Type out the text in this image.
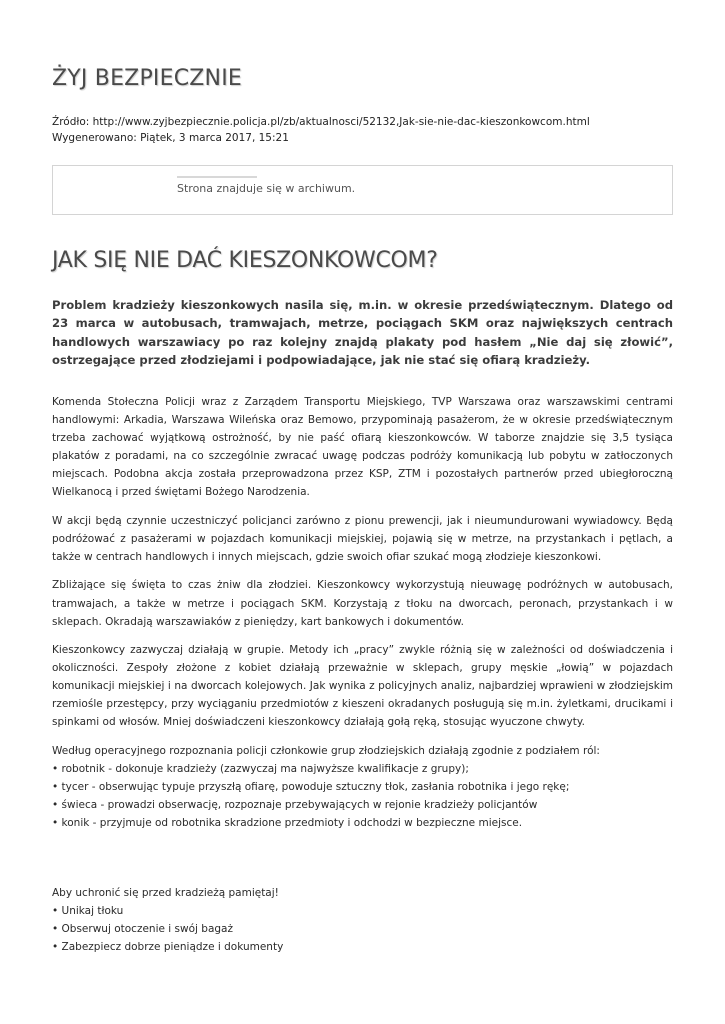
ŻYJ BEZPIECZNIE
Źródło: http://www.zyjbezpiecznie.policja.pl/zb/aktualnosci/52132,Jak-sie-nie-dac-kieszonkowcom.html
Wygenerowano: Piątek, 3 marca 2017, 15:21
Strona znajduje się w archiwum.
JAK SIĘ NIE DAĆ KIESZONKOWCOM?

Problem kradzieży kieszonkowych nasila się, m.in. w okresie przedświątecznym. Dlatego od 23 marca w autobusach, tramwajach, metrze, pociągach SKM oraz największych centrach handlowych warszawiacy po raz kolejny znajdą plakaty pod hasłem „Nie daj się złowić”, ostrzegające przed złodziejami i podpowiadające, jak nie stać się ofiarą kradzieży.

Komenda Stołeczna Policji wraz z Zarządem Transportu Miejskiego, TVP Warszawa oraz warszawskimi centrami handlowymi: Arkadia, Warszawa Wileńska oraz Bemowo, przypominają pasażerom, że w okresie przedświątecznym trzeba zachować wyjątkową ostrożność, by nie paść ofiarą kieszonkowców. W taborze znajdzie się 3,5 tysiąca plakatów z poradami, na co szczególnie zwracać uwagę podczas podróży komunikacją lub pobytu w zatłoczonych miejscach. Podobna akcja została przeprowadzona przez KSP, ZTM i pozostałych partnerów przed ubiegłoroczną Wielkanocą i przed świętami Bożego Narodzenia.

W akcji będą czynnie uczestniczyć policjanci zarówno z pionu prewencji, jak i nieumundurowani wywiadowcy. Będą podróżować z pasażerami w pojazdach komunikacji miejskiej, pojawią się w metrze, na przystankach i pętlach, a także w centrach handlowych i innych miejscach, gdzie swoich ofiar szukać mogą złodzieje kieszonkowi.

Zbliżające się święta to czas żniw dla złodziei. Kieszonkowcy wykorzystują nieuwagę podróżnych w autobusach, tramwajach, a także w metrze i pociągach SKM. Korzystają z tłoku na dworcach, peronach, przystankach i w sklepach. Okradają warszawiaków z pieniędzy, kart bankowych i dokumentów.

Kieszonkowcy zazwyczaj działają w grupie. Metody ich „pracy” zwykle różnią się w zależności od doświadczenia i okoliczności. Zespoły złożone z kobiet działają przeważnie w sklepach, grupy męskie „łowią” w pojazdach komunikacji miejskiej i na dworcach kolejowych. Jak wynika z policyjnych analiz, najbardziej wprawieni w złodziejskim rzemiośle przestępcy, przy wyciąganiu przedmiotów z kieszeni okradanych posługują się m.in. żyletkami, drucikami i spinkami od włosów. Mniej doświadczeni kieszonkowcy działają gołą ręką, stosując wyuczone chwyty.

Według operacyjnego rozpoznania policji członkowie grup złodziejskich działają zgodnie z podziałem ról:
• robotnik - dokonuje kradzieży (zazwyczaj ma najwyższe kwalifikacje z grupy);
• tycer - obserwując typuje przyszłą ofiarę, powoduje sztuczny tłok, zasłania robotnika i jego rękę;
• świeca - prowadzi obserwację, rozpoznaje przebywających w rejonie kradzieży policjantów
• konik - przyjmuje od robotnika skradzione przedmioty i odchodzi w bezpieczne miejsce.
Aby uchronić się przed kradzieżą pamiętaj!
• Unikaj tłoku
• Obserwuj otoczenie i swój bagaż
• Zabezpiecz dobrze pieniądze i dokumenty
